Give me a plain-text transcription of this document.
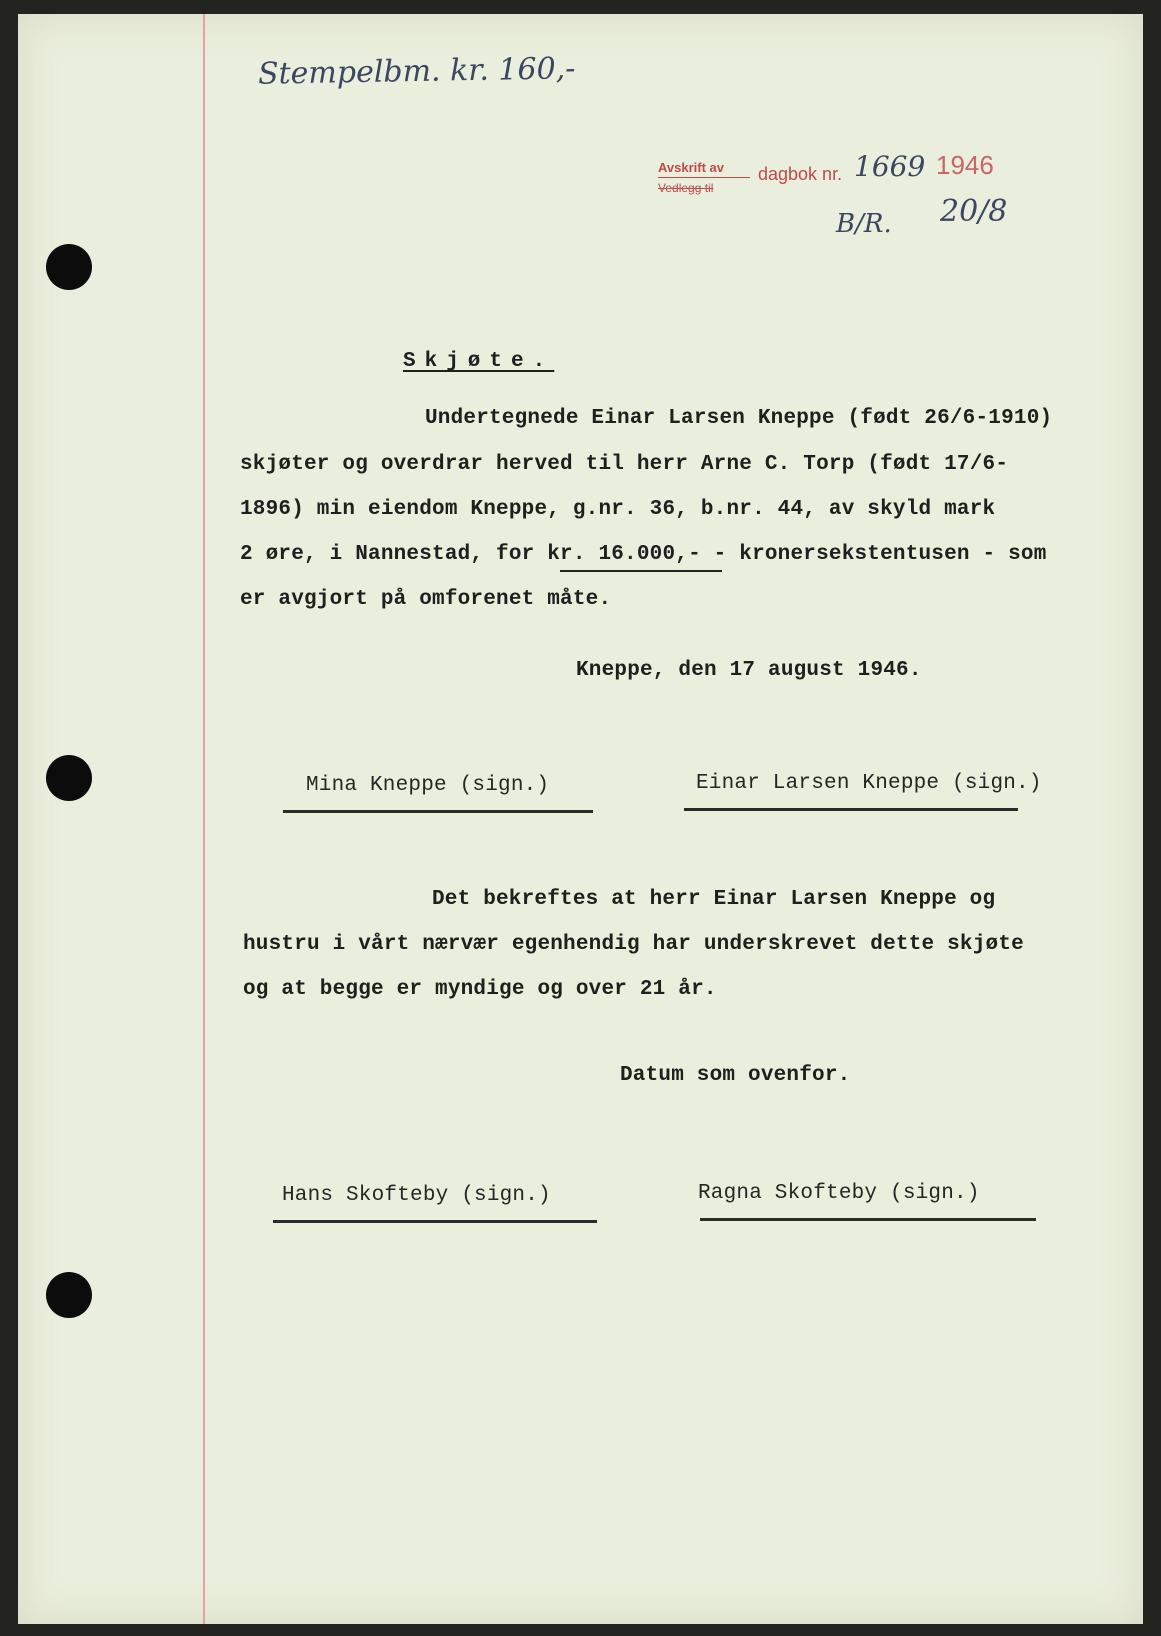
Stempelbm. kr. 160,-
Avskrift av
Vedlegg til
dagbok nr. 1669 1946
20/8
B/R.
Skjøte.
Undertegnede Einar Larsen Kneppe (født 26/6-1910)
skjøter og overdrar herved til herr Arne C. Torp (født 17/6-
1896) min eiendom Kneppe, g.nr. 36, b.nr. 44, av skyld mark
2 øre, i Nannestad, for kr. 16.000,- - kronersekstentusen - som
er avgjort på omforenet måte.
Kneppe, den 17 august 1946.
Mina Kneppe (sign.)	Einar Larsen Kneppe (sign.)
Det bekreftes at herr Einar Larsen Kneppe og
hustru i vårt nærvær egenhendig har underskrevet dette skjøte
og at begge er myndige og over 21 år.
Datum som ovenfor.
Hans Skofteby (sign.)	Ragna Skofteby (sign.)
